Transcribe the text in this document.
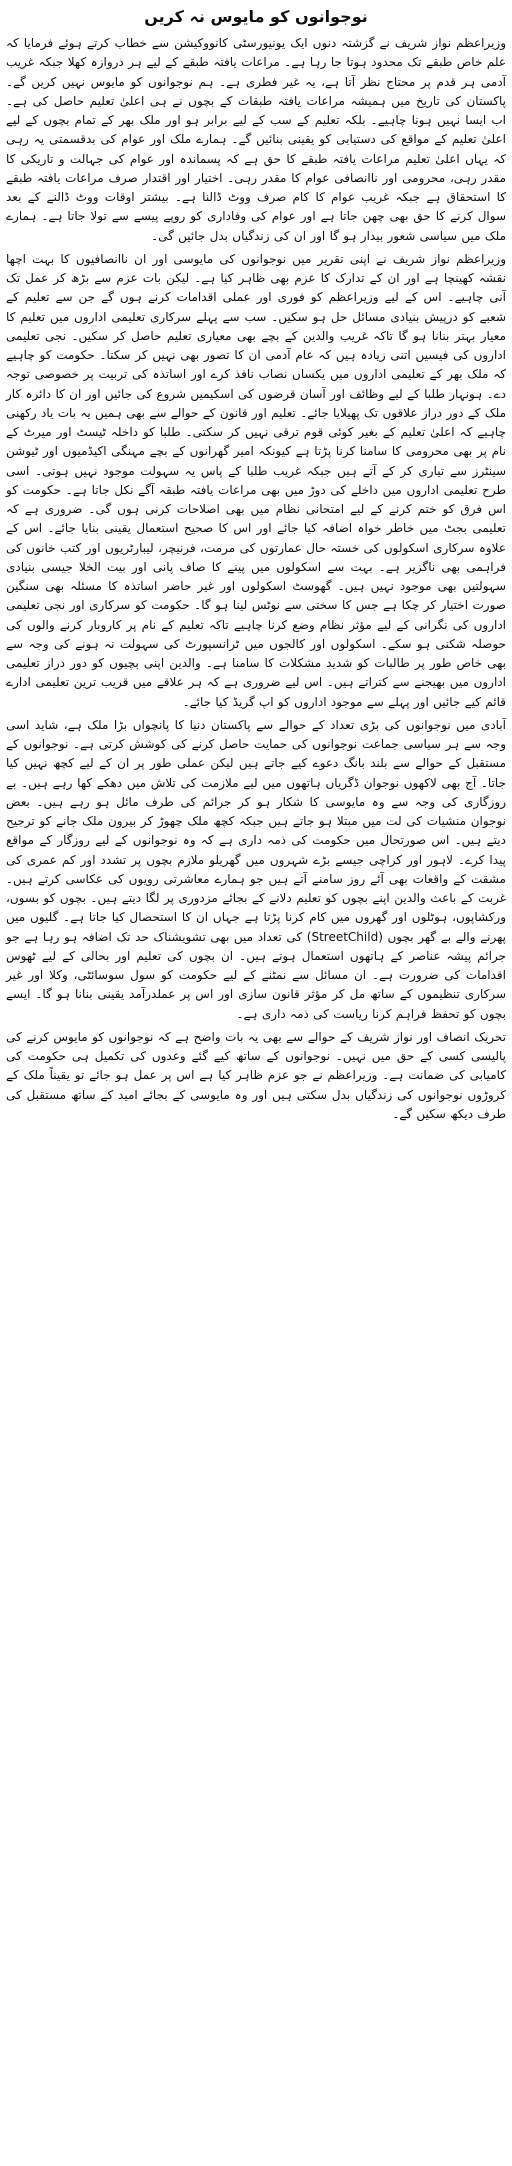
نوجوانوں کو مایوس نہ کریں

وزیراعظم نواز شریف نے گزشتہ دنوں ایک یونیورسٹی کانووکیشن سے خطاب کرتے ہوئے فرمایا کہ علم خاص طبقے تک محدود ہوتا جا رہا ہے۔ مراعات یافتہ طبقے کے لیے ہر دروازہ کھلا جبکہ غریب آدمی ہر قدم پر محتاج نظر آتا ہے، یہ غیر فطری ہے۔ ہم نوجوانوں کو مایوس نہیں کریں گے۔ پاکستان کی تاریخ میں ہمیشہ مراعات یافتہ طبقات کے بچوں نے ہی اعلیٰ تعلیم حاصل کی ہے۔ اب ایسا نہیں ہونا چاہیے۔ بلکہ تعلیم کے سب کے لیے برابر ہو اور ملک بھر کے تمام بچوں کے لیے اعلیٰ تعلیم کے مواقع کی دستیابی کو یقینی بنائیں گے۔ ہمارے ملک اور عوام کی بدقسمتی یہ رہی کہ یہاں اعلیٰ تعلیم مراعات یافتہ طبقے کا حق ہے کہ پسماندہ اور عوام کی جہالت و تاریکی کا مقدر رہی، محرومی اور ناانصافی عوام کا مقدر رہی۔ اختیار اور اقتدار صرف مراعات یافتہ طبقے کا استحقاق ہے جبکہ غریب عوام کا کام صرف ووٹ ڈالنا ہے۔ بیشتر اوقات ووٹ ڈالنے کے بعد سوال کرنے کا حق بھی چھن جاتا ہے اور عوام کی وفاداری کو روپے پیسے سے تولا جاتا ہے۔ ہمارے ملک میں سیاسی شعور بیدار ہو گا اور ان کی زندگیاں بدل جائیں گی۔

وزیراعظم نواز شریف نے اپنی تقریر میں نوجوانوں کی مایوسی اور ان ناانصافیوں کا بہت اچھا نقشہ کھینچا ہے اور ان کے تدارک کا عزم بھی ظاہر کیا ہے۔ لیکن بات عزم سے بڑھ کر عمل تک آنی چاہیے۔ اس کے لیے وزیراعظم کو فوری اور عملی اقدامات کرنے ہوں گے جن سے تعلیم کے شعبے کو درپیش بنیادی مسائل حل ہو سکیں۔ سب سے پہلے سرکاری تعلیمی اداروں میں تعلیم کا معیار بہتر بنانا ہو گا تاکہ غریب والدین کے بچے بھی معیاری تعلیم حاصل کر سکیں۔ نجی تعلیمی اداروں کی فیسیں اتنی زیادہ ہیں کہ عام آدمی ان کا تصور بھی نہیں کر سکتا۔ حکومت کو چاہیے کہ ملک بھر کے تعلیمی اداروں میں یکساں نصاب نافذ کرے اور اساتذہ کی تربیت پر خصوصی توجہ دے۔ ہونہار طلبا کے لیے وظائف اور آسان قرضوں کی اسکیمیں شروع کی جائیں اور ان کا دائرہ کار ملک کے دور دراز علاقوں تک پھیلایا جائے۔ تعلیم اور قانون کے حوالے سے بھی ہمیں یہ بات یاد رکھنی چاہیے کہ اعلیٰ تعلیم کے بغیر کوئی قوم ترقی نہیں کر سکتی۔ طلبا کو داخلہ ٹیسٹ اور میرٹ کے نام پر بھی محرومی کا سامنا کرنا پڑتا ہے کیونکہ امیر گھرانوں کے بچے مہنگی اکیڈمیوں اور ٹیوشن سینٹرز سے تیاری کر کے آتے ہیں جبکہ غریب طلبا کے پاس یہ سہولت موجود نہیں ہوتی۔ اسی طرح تعلیمی اداروں میں داخلے کی دوڑ میں بھی مراعات یافتہ طبقہ آگے نکل جاتا ہے۔ حکومت کو اس فرق کو ختم کرنے کے لیے امتحانی نظام میں بھی اصلاحات کرنی ہوں گی۔ ضروری ہے کہ تعلیمی بجٹ میں خاطر خواہ اضافہ کیا جائے اور اس کا صحیح استعمال یقینی بنایا جائے۔ اس کے علاوہ سرکاری اسکولوں کی خستہ حال عمارتوں کی مرمت، فرنیچر، لیبارٹریوں اور کتب خانوں کی فراہمی بھی ناگزیر ہے۔ بہت سے اسکولوں میں پینے کا صاف پانی اور بیت الخلا جیسی بنیادی سہولتیں بھی موجود نہیں ہیں۔ گھوسٹ اسکولوں اور غیر حاضر اساتذہ کا مسئلہ بھی سنگین صورت اختیار کر چکا ہے جس کا سختی سے نوٹس لینا ہو گا۔ حکومت کو سرکاری اور نجی تعلیمی اداروں کی نگرانی کے لیے مؤثر نظام وضع کرنا چاہیے تاکہ تعلیم کے نام پر کاروبار کرنے والوں کی حوصلہ شکنی ہو سکے۔ اسکولوں اور کالجوں میں ٹرانسپورٹ کی سہولت نہ ہونے کی وجہ سے بھی خاص طور پر طالبات کو شدید مشکلات کا سامنا ہے۔ والدین اپنی بچیوں کو دور دراز تعلیمی اداروں میں بھیجنے سے کتراتے ہیں۔ اس لیے ضروری ہے کہ ہر علاقے میں قریب ترین تعلیمی ادارے قائم کیے جائیں اور پہلے سے موجود اداروں کو اپ گریڈ کیا جائے۔

آبادی میں نوجوانوں کی بڑی تعداد کے حوالے سے پاکستان دنیا کا پانچواں بڑا ملک ہے، شاید اسی وجہ سے ہر سیاسی جماعت نوجوانوں کی حمایت حاصل کرنے کی کوشش کرتی ہے۔ نوجوانوں کے مستقبل کے حوالے سے بلند بانگ دعوے کیے جاتے ہیں لیکن عملی طور پر ان کے لیے کچھ نہیں کیا جاتا۔ آج بھی لاکھوں نوجوان ڈگریاں ہاتھوں میں لیے ملازمت کی تلاش میں دھکے کھا رہے ہیں۔ بے روزگاری کی وجہ سے وہ مایوسی کا شکار ہو کر جرائم کی طرف مائل ہو رہے ہیں۔ بعض نوجوان منشیات کی لت میں مبتلا ہو جاتے ہیں جبکہ کچھ ملک چھوڑ کر بیرون ملک جانے کو ترجیح دیتے ہیں۔ اس صورتحال میں حکومت کی ذمہ داری ہے کہ وہ نوجوانوں کے لیے روزگار کے مواقع پیدا کرے۔ لاہور اور کراچی جیسے بڑے شہروں میں گھریلو ملازم بچوں پر تشدد اور کم عمری کی مشقت کے واقعات بھی آئے روز سامنے آتے ہیں جو ہمارے معاشرتی رویوں کی عکاسی کرتے ہیں۔ غربت کے باعث والدین اپنے بچوں کو تعلیم دلانے کے بجائے مزدوری پر لگا دیتے ہیں۔ بچوں کو بسوں، ورکشاپوں، ہوٹلوں اور گھروں میں کام کرنا پڑتا ہے جہاں ان کا استحصال کیا جاتا ہے۔ گلیوں میں پھرنے والے بے گھر بچوں (StreetChild) کی تعداد میں بھی تشویشناک حد تک اضافہ ہو رہا ہے جو جرائم پیشہ عناصر کے ہاتھوں استعمال ہوتے ہیں۔ ان بچوں کی تعلیم اور بحالی کے لیے ٹھوس اقدامات کی ضرورت ہے۔ ان مسائل سے نمٹنے کے لیے حکومت کو سول سوسائٹی، وکلا اور غیر سرکاری تنظیموں کے ساتھ مل کر مؤثر قانون سازی اور اس پر عملدرآمد یقینی بنانا ہو گا۔ ایسے بچوں کو تحفظ فراہم کرنا ریاست کی ذمہ داری ہے۔

تحریک انصاف اور نواز شریف کے حوالے سے بھی یہ بات واضح ہے کہ نوجوانوں کو مایوس کرنے کی پالیسی کسی کے حق میں نہیں۔ نوجوانوں کے ساتھ کیے گئے وعدوں کی تکمیل ہی حکومت کی کامیابی کی ضمانت ہے۔ وزیراعظم نے جو عزم ظاہر کیا ہے اس پر عمل ہو جائے تو یقیناً ملک کے کروڑوں نوجوانوں کی زندگیاں بدل سکتی ہیں اور وہ مایوسی کے بجائے امید کے ساتھ مستقبل کی طرف دیکھ سکیں گے۔
